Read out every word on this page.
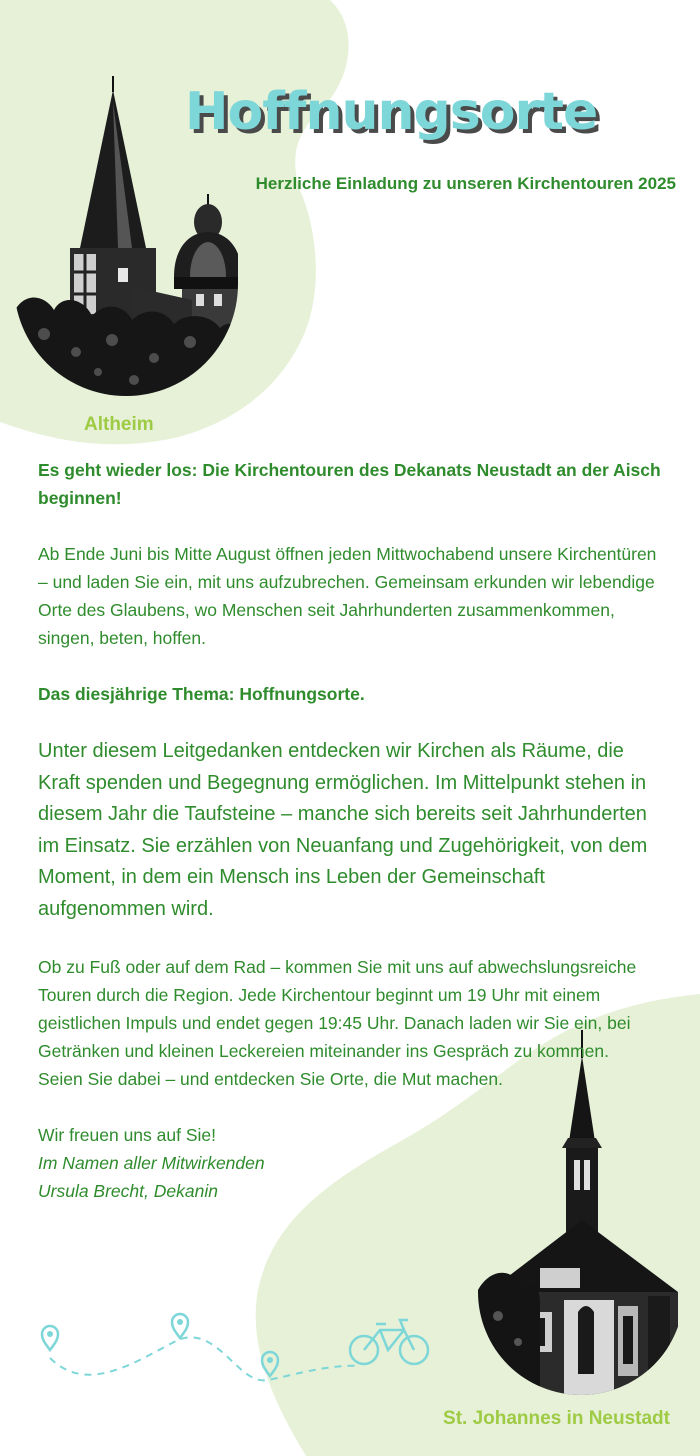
Hoffnungsorte

Herzliche Einladung zu unseren Kirchentouren 2025

Altheim

Es geht wieder los: Die Kirchentouren des Dekanats Neustadt an der Aisch beginnen!

Ab Ende Juni bis Mitte August öffnen jeden Mittwochabend unsere Kirchentüren – und laden Sie ein, mit uns aufzubrechen. Gemeinsam erkunden wir lebendige Orte des Glaubens, wo Menschen seit Jahrhunderten zusammenkommen, singen, beten, hoffen.

Das diesjährige Thema: Hoffnungsorte.

Unter diesem Leitgedanken entdecken wir Kirchen als Räume, die Kraft spenden und Begegnung ermöglichen. Im Mittelpunkt stehen in diesem Jahr die Taufsteine – manche sich bereits seit Jahrhunderten im Einsatz. Sie erzählen von Neuanfang und Zugehörigkeit, von dem Moment, in dem ein Mensch ins Leben der Gemeinschaft aufgenommen wird.

Ob zu Fuß oder auf dem Rad – kommen Sie mit uns auf abwechslungsreiche Touren durch die Region. Jede Kirchentour beginnt um 19 Uhr mit einem geistlichen Impuls und endet gegen 19:45 Uhr. Danach laden wir Sie ein, bei Getränken und kleinen Leckereien miteinander ins Gespräch zu kommen.
Seien Sie dabei – und entdecken Sie Orte, die Mut machen.

Wir freuen uns auf Sie!
Im Namen aller Mitwirkenden
Ursula Brecht, Dekanin

St. Johannes in Neustadt
